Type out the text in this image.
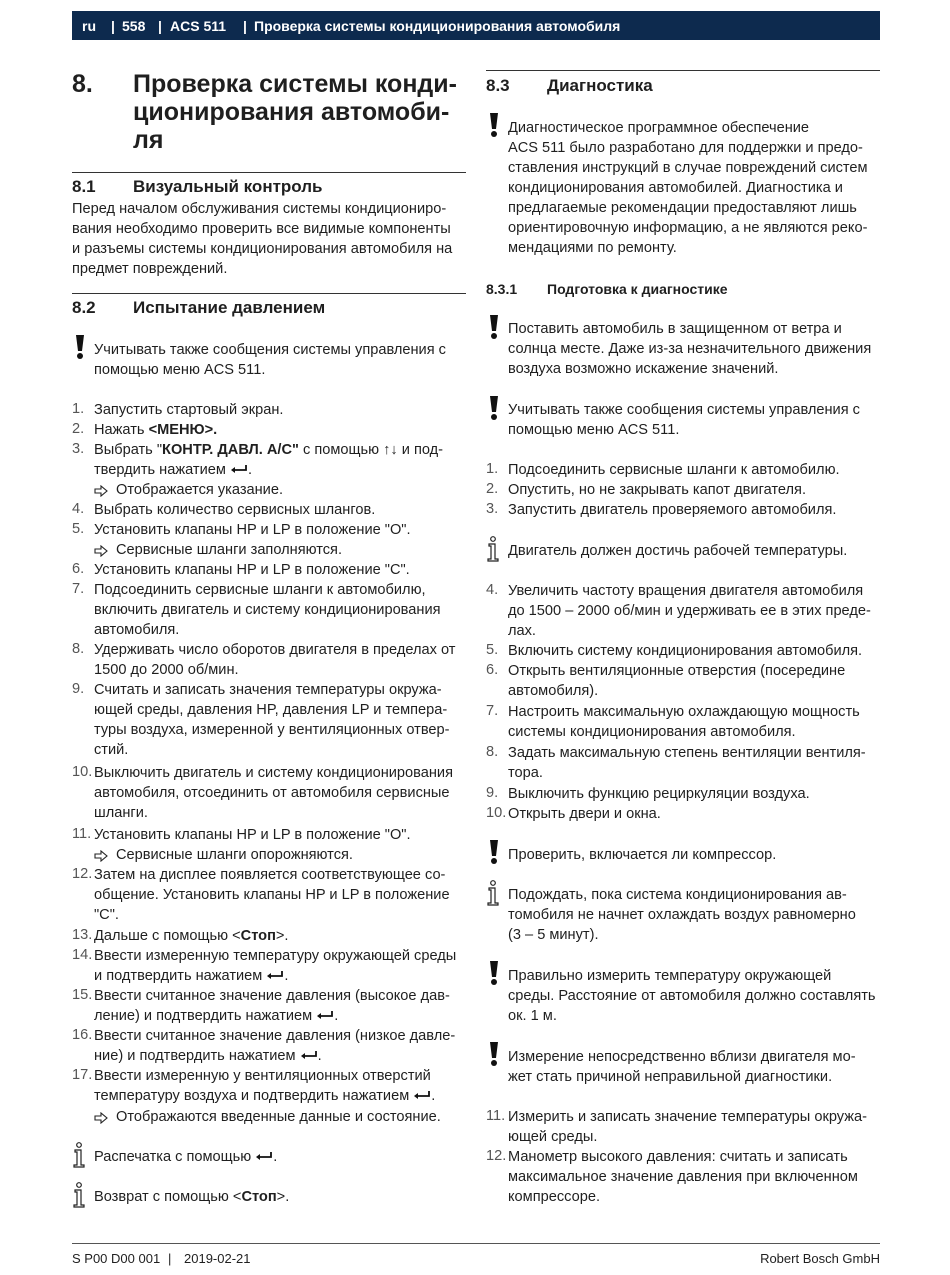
ru | 558 | ACS 511 | Проверка системы кондиционирования автомобиля
8. Проверка системы конди-
ционирования автомоби-
ля
8.1 Визуальный контроль
Перед началом обслуживания системы кондициониро-
вания необходимо проверить все видимые компоненты
и разъемы системы кондиционирования автомобиля на
предмет повреждений.
8.2 Испытание давлением
Учитывать также сообщения системы управления с
помощью меню ACS 511.
1. Запустить стартовый экран.
2. Нажать <МЕНЮ>.
3. Выбрать "КОНТР. ДАВЛ. А/С" с помощью ↑↓ и под-
твердить нажатием .
Отображается указание.
4. Выбрать количество сервисных шлангов.
5. Установить клапаны HP и LP в положение "O".
Сервисные шланги заполняются.
6. Установить клапаны HP и LP в положение "C".
7. Подсоединить сервисные шланги к автомобилю,
включить двигатель и систему кондиционирования
автомобиля.
8. Удерживать число оборотов двигателя в пределах от
1500 до 2000 об/мин.
9. Считать и записать значения температуры окружа-
ющей среды, давления HP, давления LP и темпера-
туры воздуха, измеренной у вентиляционных отвер-
стий.
10. Выключить двигатель и систему кондиционирования
автомобиля, отсоединить от автомобиля сервисные
шланги.
11. Установить клапаны HP и LP в положение "O".
Сервисные шланги опорожняются.
12. Затем на дисплее появляется соответствующее со-
общение. Установить клапаны HP и LP в положение
"C".
13. Дальше с помощью <Стоп>.
14. Ввести измеренную температуру окружающей среды
и подтвердить нажатием .
15. Ввести считанное значение давления (высокое дав-
ление) и подтвердить нажатием .
16. Ввести считанное значение давления (низкое давле-
ние) и подтвердить нажатием .
17. Ввести измеренную у вентиляционных отверстий
температуру воздуха и подтвердить нажатием .
Отображаются введенные данные и состояние.
Распечатка с помощью .
Возврат с помощью <Стоп>.
8.3 Диагностика
Диагностическое программное обеспечение
ACS 511 было разработано для поддержки и предо-
ставления инструкций в случае повреждений систем
кондиционирования автомобилей. Диагностика и
предлагаемые рекомендации предоставляют лишь
ориентировочную информацию, а не являются реко-
мендациями по ремонту.
8.3.1 Подготовка к диагностике
Поставить автомобиль в защищенном от ветра и
солнца месте. Даже из-за незначительного движения
воздуха возможно искажение значений.
Учитывать также сообщения системы управления с
помощью меню ACS 511.
1. Подсоединить сервисные шланги к автомобилю.
2. Опустить, но не закрывать капот двигателя.
3. Запустить двигатель проверяемого автомобиля.
Двигатель должен достичь рабочей температуры.
4. Увеличить частоту вращения двигателя автомобиля
до 1500 – 2000 об/мин и удерживать ее в этих преде-
лах.
5. Включить систему кондиционирования автомобиля.
6. Открыть вентиляционные отверстия (посередине
автомобиля).
7. Настроить максимальную охлаждающую мощность
системы кондиционирования автомобиля.
8. Задать максимальную степень вентиляции вентиля-
тора.
9. Выключить функцию рециркуляции воздуха.
10. Открыть двери и окна.
Проверить, включается ли компрессор.
Подождать, пока система кондиционирования ав-
томобиля не начнет охлаждать воздух равномерно
(3 – 5 минут).
Правильно измерить температуру окружающей
среды. Расстояние от автомобиля должно составлять
ок. 1 м.
Измерение непосредственно вблизи двигателя мо-
жет стать причиной неправильной диагностики.
11. Измерить и записать значение температуры окружа-
ющей среды.
12. Манометр высокого давления: считать и записать
максимальное значение давления при включенном
компрессоре.
S P00 D00 001 | 2019-02-21	Robert Bosch GmbH
